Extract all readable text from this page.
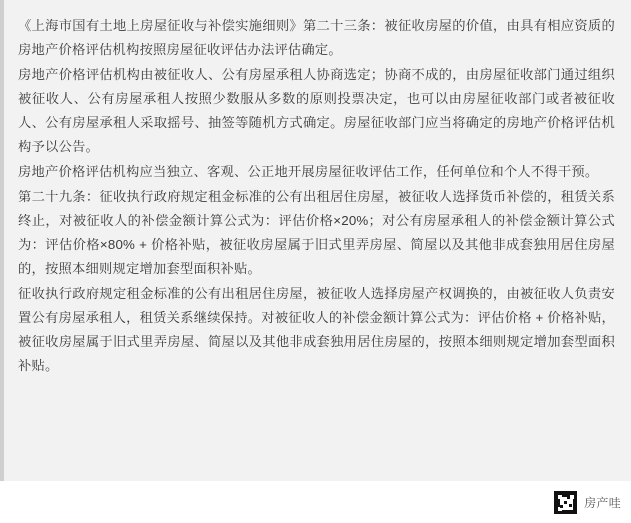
《上海市国有土地上房屋征收与补偿实施细则》第二十三条：被征收房屋的价值，由具有相应资质的房地产价格评估机构按照房屋征收评估办法评估确定。

房地产价格评估机构由被征收人、公有房屋承租人协商选定；协商不成的，由房屋征收部门通过组织被征收人、公有房屋承租人按照少数服从多数的原则投票决定，也可以由房屋征收部门或者被征收人、公有房屋承租人采取摇号、抽签等随机方式确定。房屋征收部门应当将确定的房地产价格评估机构予以公告。

房地产价格评估机构应当独立、客观、公正地开展房屋征收评估工作，任何单位和个人不得干预。

第二十九条：征收执行政府规定租金标准的公有出租居住房屋，被征收人选择货币补偿的，租赁关系终止，对被征收人的补偿金额计算公式为：评估价格×20%；对公有房屋承租人的补偿金额计算公式为：评估价格×80% + 价格补贴，被征收房屋属于旧式里弄房屋、简屋以及其他非成套独用居住房屋的，按照本细则规定增加套型面积补贴。

征收执行政府规定租金标准的公有出租居住房屋，被征收人选择房屋产权调换的，由被征收人负责安置公有房屋承租人，租赁关系继续保持。对被征收人的补偿金额计算公式为：评估价格 + 价格补贴，被征收房屋属于旧式里弄房屋、简屋以及其他非成套独用居住房屋的，按照本细则规定增加套型面积补贴。

房产哇
